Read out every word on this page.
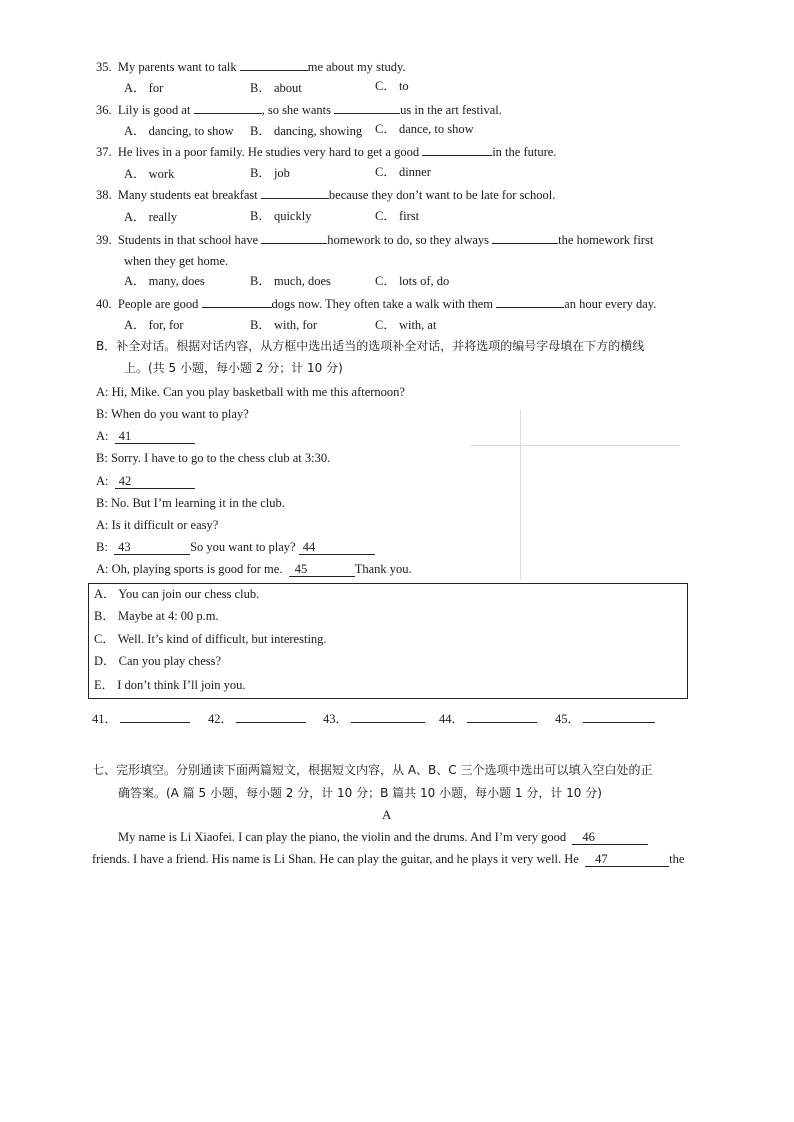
35. My parents want to talk	me about my study.
A． for	B． about	C． to
36. Lily is good at	, so she wants	us in the art festival.
A． dancing, to show B． dancing, showing C． dance, to show
37. He lives in a poor family. He studies very hard to get a good	in the future.
A． work	B． job	C． dinner
38. Many students eat breakfast	because they don’t want to be late for school.
A． really	B． quickly	C． first
39. Students in that school have	homework to do, so they always	the homework first
when they get home.
A． many, does	B． much, does	C． lots of, do
40. People are good	dogs now. They often take a walk with them	an hour every day.
A． for, for	B． with, for	C． with, at
B．补全对话。根据对话内容，从方框中选出适当的选项补全对话，并将选项的编号字母填在下方的横线
上。(共 5 小题，每小题 2 分；计 10 分)
A: Hi, Mike. Can you play basketball with me this afternoon?
B: When do you want to play?
A: 41
B: Sorry. I have to go to the chess club at 3:30.
A: 42
B: No. But I’m learning it in the club.
A: Is it difficult or easy?
B: 43	So you want to play? 44
A: Oh, playing sports is good for me. 45	Thank you.
A． You can join our chess club.
B． Maybe at 4: 00 p.m.
C． Well. It’s kind of difficult, but interesting.
D． Can you play chess?
E． I don’t think I’ll join you.
41．	42．	43．	44．	45．
七、完形填空。分别通读下面两篇短文，根据短文内容，从 A、B、C 三个选项中选出可以填入空白处的正
确答案。(A 篇 5 小题，每小题 2 分，计 10 分；B 篇共 10 小题，每小题 1 分，计 10 分)
A
My name is Li Xiaofei. I can play the piano, the violin and the drums. And I’m very good 46
friends. I have a friend. His name is Li Shan. He can play the guitar, and he plays it very well. He 47	the
